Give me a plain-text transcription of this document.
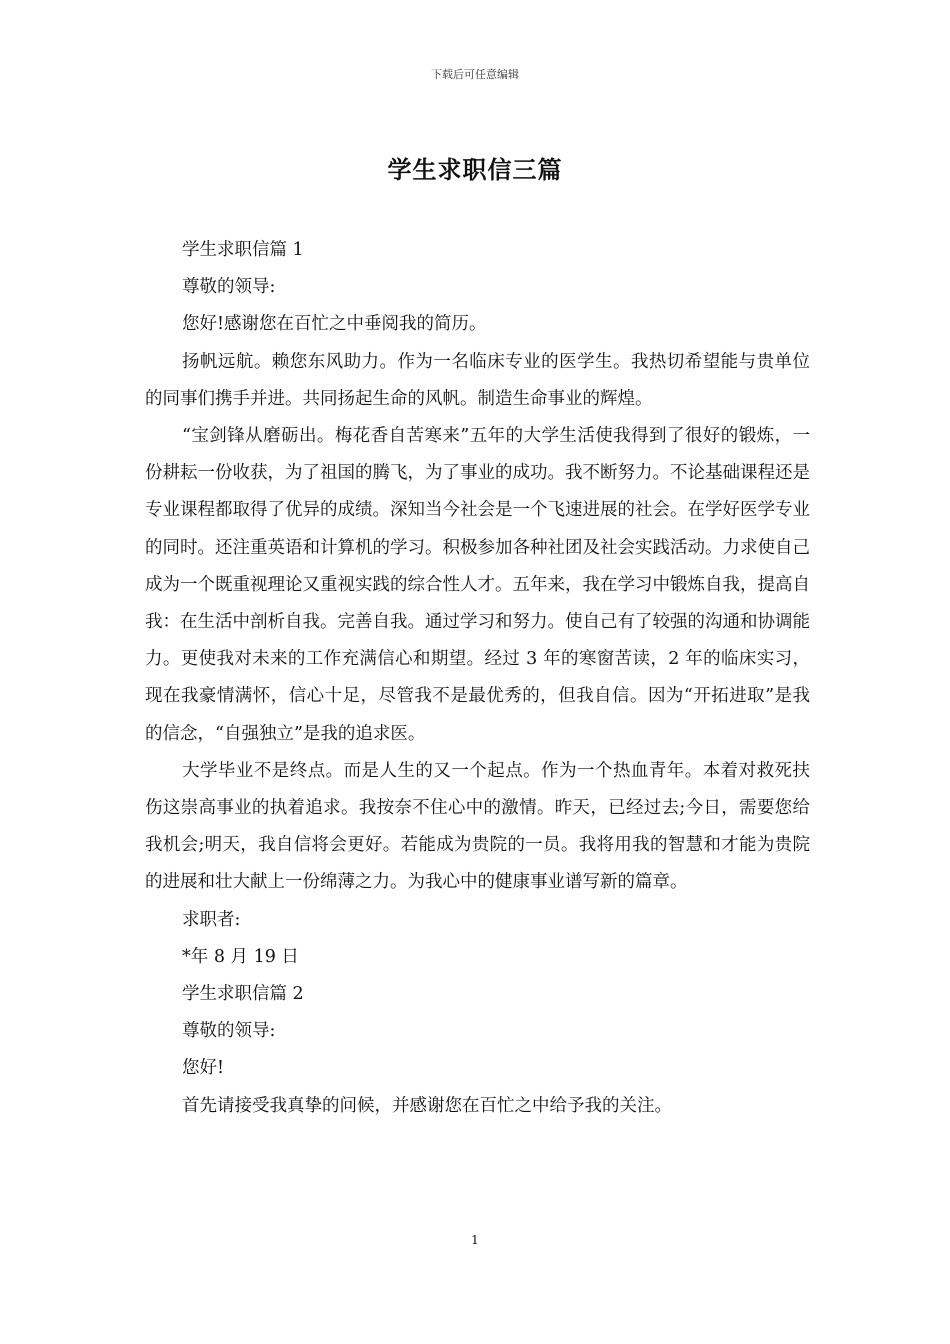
下载后可任意编辑
学生求职信三篇
学生求职信篇 1
尊敬的领导:
您好!感谢您在百忙之中垂阅我的简历。
扬帆远航。赖您东风助力。作为一名临床专业的医学生。我热切希望能与贵单位的同事们携手并进。共同扬起生命的风帆。制造生命事业的辉煌。
“宝剑锋从磨砺出。梅花香自苦寒来”五年的大学生活使我得到了很好的锻炼，一份耕耘一份收获，为了祖国的腾飞，为了事业的成功。我不断努力。不论基础课程还是专业课程都取得了优异的成绩。深知当今社会是一个飞速进展的社会。在学好医学专业的同时。还注重英语和计算机的学习。积极参加各种社团及社会实践活动。力求使自己成为一个既重视理论又重视实践的综合性人才。五年来，我在学习中锻炼自我，提高自我：在生活中剖析自我。完善自我。通过学习和努力。使自己有了较强的沟通和协调能力。更使我对未来的工作充满信心和期望。经过 3 年的寒窗苦读，2 年的临床实习，现在我豪情满怀，信心十足，尽管我不是最优秀的，但我自信。因为“开拓进取”是我的信念，“自强独立”是我的追求医。
大学毕业不是终点。而是人生的又一个起点。作为一个热血青年。本着对救死扶伤这崇高事业的执着追求。我按奈不住心中的激情。昨天，已经过去;今日，需要您给我机会;明天，我自信将会更好。若能成为贵院的一员。我将用我的智慧和才能为贵院的进展和壮大献上一份绵薄之力。为我心中的健康事业谱写新的篇章。
求职者:
*年 8 月 19 日
学生求职信篇 2
尊敬的领导:
您好!
首先请接受我真挚的问候，并感谢您在百忙之中给予我的关注。
1
